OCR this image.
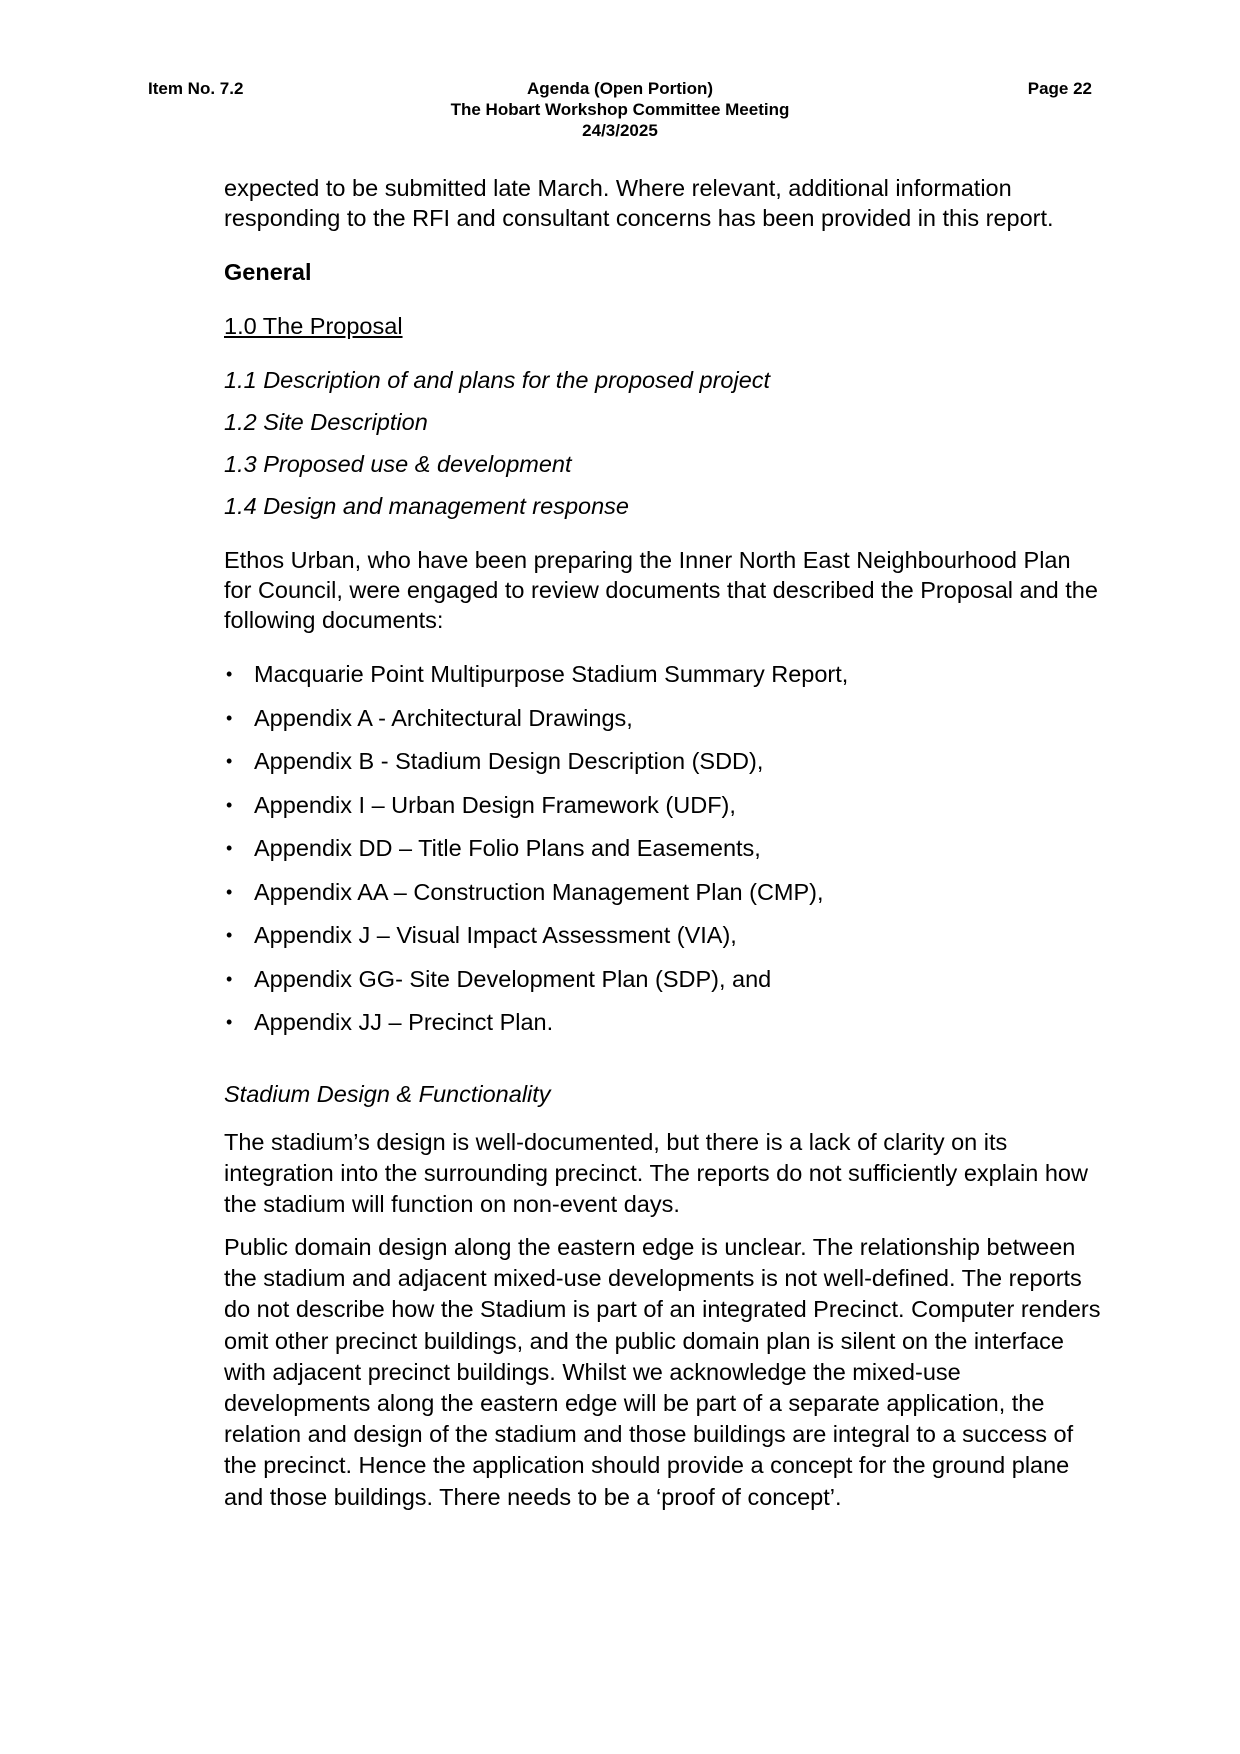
Item No. 7.2	Agenda (Open Portion)
The Hobart Workshop Committee Meeting
24/3/2025
Page 22

expected to be submitted late March. Where relevant, additional information responding to the RFI and consultant concerns has been provided in this report.

General

1.0 The Proposal

1.1 Description of and plans for the proposed project

1.2 Site Description

1.3 Proposed use & development

1.4 Design and management response

Ethos Urban, who have been preparing the Inner North East Neighbourhood Plan for Council, were engaged to review documents that described the Proposal and the following documents:

• Macquarie Point Multipurpose Stadium Summary Report,
• Appendix A - Architectural Drawings,
• Appendix B - Stadium Design Description (SDD),
• Appendix I – Urban Design Framework (UDF),
• Appendix DD – Title Folio Plans and Easements,
• Appendix AA – Construction Management Plan (CMP),
• Appendix J – Visual Impact Assessment (VIA),
• Appendix GG- Site Development Plan (SDP), and
• Appendix JJ – Precinct Plan.

Stadium Design & Functionality

The stadium’s design is well-documented, but there is a lack of clarity on its integration into the surrounding precinct. The reports do not sufficiently explain how the stadium will function on non-event days.

Public domain design along the eastern edge is unclear. The relationship between the stadium and adjacent mixed-use developments is not well-defined. The reports do not describe how the Stadium is part of an integrated Precinct. Computer renders omit other precinct buildings, and the public domain plan is silent on the interface with adjacent precinct buildings. Whilst we acknowledge the mixed-use developments along the eastern edge will be part of a separate application, the relation and design of the stadium and those buildings are integral to a success of the precinct. Hence the application should provide a concept for the ground plane and those buildings. There needs to be a ‘proof of concept’.
